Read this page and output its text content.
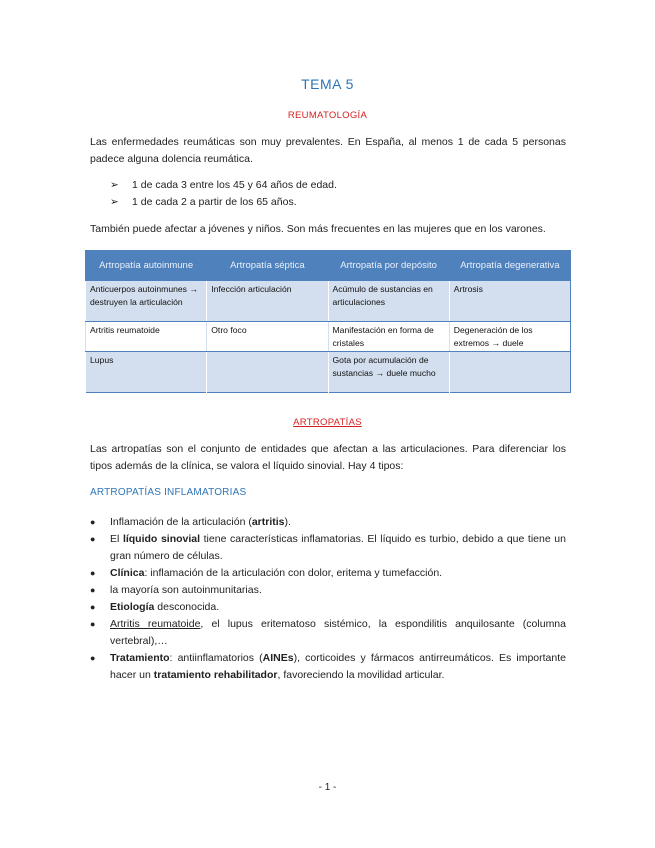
TEMA 5
REUMATOLOGÍA
Las enfermedades reumáticas son muy prevalentes. En España, al menos 1 de cada 5 personas padece alguna dolencia reumática.
➢	1 de cada 3 entre los 45 y 64 años de edad.
➢	1 de cada 2 a partir de los 65 años.
También puede afectar a jóvenes y niños. Son más frecuentes en las mujeres que en los varones.
Artropatía autoinmune	Artropatía séptica	Artropatía por depósito	Artropatía degenerativa
Anticuerpos autoinmunes → destruyen la articulación	Infección articulación	Acúmulo de sustancias en articulaciones	Artrosis
Artritis reumatoide	Otro foco	Manifestación en forma de cristales	Degeneración de los extremos → duele
Lupus		Gota por acumulación de sustancias → duele mucho	
ARTROPATÍAS
Las artropatías son el conjunto de entidades que afectan a las articulaciones. Para diferenciar los tipos además de la clínica, se valora el líquido sinovial. Hay 4 tipos:
ARTROPATÍAS INFLAMATORIAS
●	Inflamación de la articulación (artritis).
●	El líquido sinovial tiene características inflamatorias. El líquido es turbio, debido a que tiene un gran número de células.
●	Clínica: inflamación de la articulación con dolor, eritema y tumefacción.
●	la mayoría son autoinmunitarias.
●	Etiología desconocida.
●	Artritis reumatoide, el lupus eritematoso sistémico, la espondilitis anquilosante (columna vertebral),…
●	Tratamiento: antiinflamatorios (AINEs), corticoides y fármacos antirreumáticos. Es importante hacer un tratamiento rehabilitador, favoreciendo la movilidad articular.
- 1 -
